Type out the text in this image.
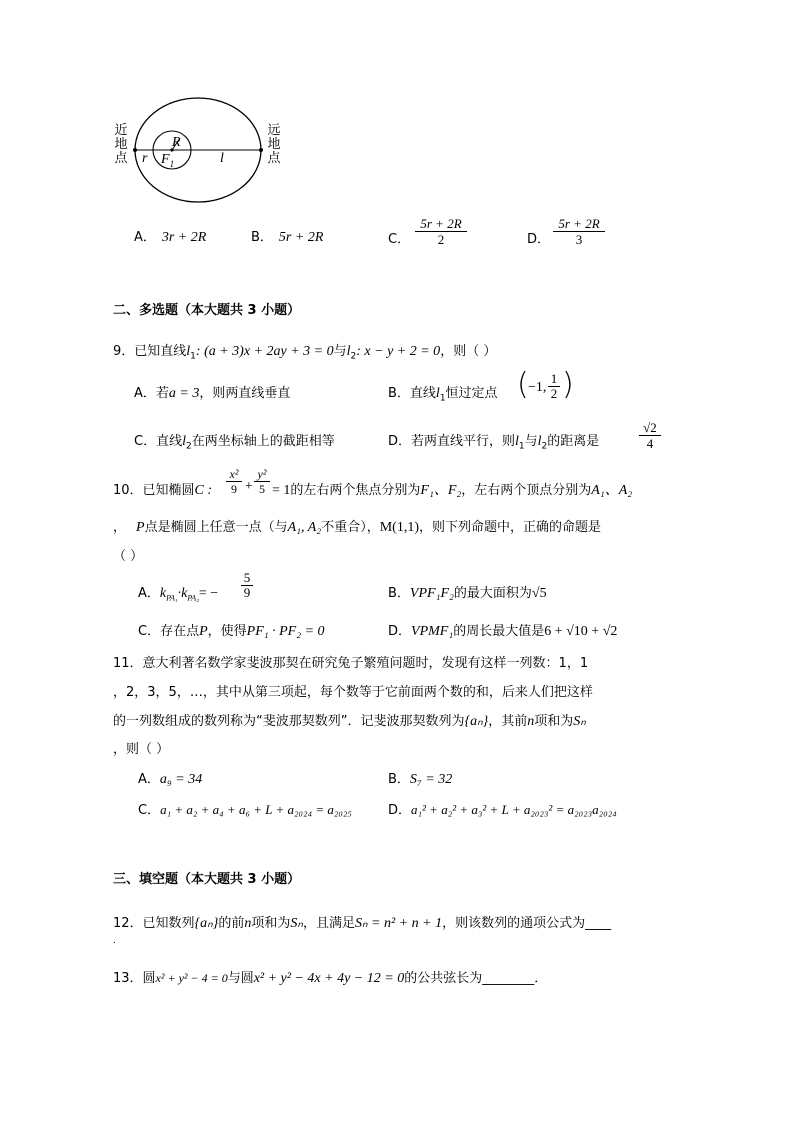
近地点
远地点
R
r $F_1$	l
A． 3r + 2R	B． 5r + 2R	C．
5r + 2R
2	D．
5r + 2R
3
二、多选题（本大题共 3 小题）
9．已知直线$l_1$: (a + 3)x + 2ay + 3 = 0与$l_2$: x − y + 2 = 0，则（ ）
A．若a = 3，则两直线垂直	B．直线$l_1$恒过定点 ( −1,
1
2 )
C．直线$l_2$在两坐标轴上的截距相等	D．若两直线平行，则$l_1$与$l_2$的距离是
√2
4
10．已知椭圆C :
x²
9 +
y²
5 = 1的左右两个焦点分别为F₁、F₂，左右两个顶点分别为A₁、A₂
， P点是椭圆上任意一点（与A₁, A₂不重合），M(1,1)，则下列命题中，正确的命题是
（ ）
A．$k_{PA_1}\cdot k_{PA_2}=$ −
5
9	B．VPF₁F₂的最大面积为√5
C．存在点P，使得PF₁ · PF₂ = 0	D．VPMF₁的周长最大值是6 + √10 + √2
11．意大利著名数学家斐波那契在研究兔子繁殖问题时，发现有这样一列数：1，1
，2，3，5，…，其中从第三项起，每个数等于它前面两个数的和，后来人们把这样
的一列数组成的数列称为“斐波那契数列”．记斐波那契数列为{aₙ}，其前n项和为Sₙ
，则（ ）
A．a₉ = 34	B．S₇ = 32
C．a₁ + a₂ + a₄ + a₆ + L + a₂₀₂₄ = a₂₀₂₅	D．a₁² + a₂² + a₃² + L + a₂₀₂₃² = a₂₀₂₃a₂₀₂₄
三、填空题（本大题共 3 小题）
12．已知数列{aₙ}的前n项和为Sₙ，且满足Sₙ = n² + n + 1，则该数列的通项公式为____
.
13．圆x² + y² − 4 = 0与圆x² + y² − 4x + 4y − 12 = 0的公共弦长为________．
